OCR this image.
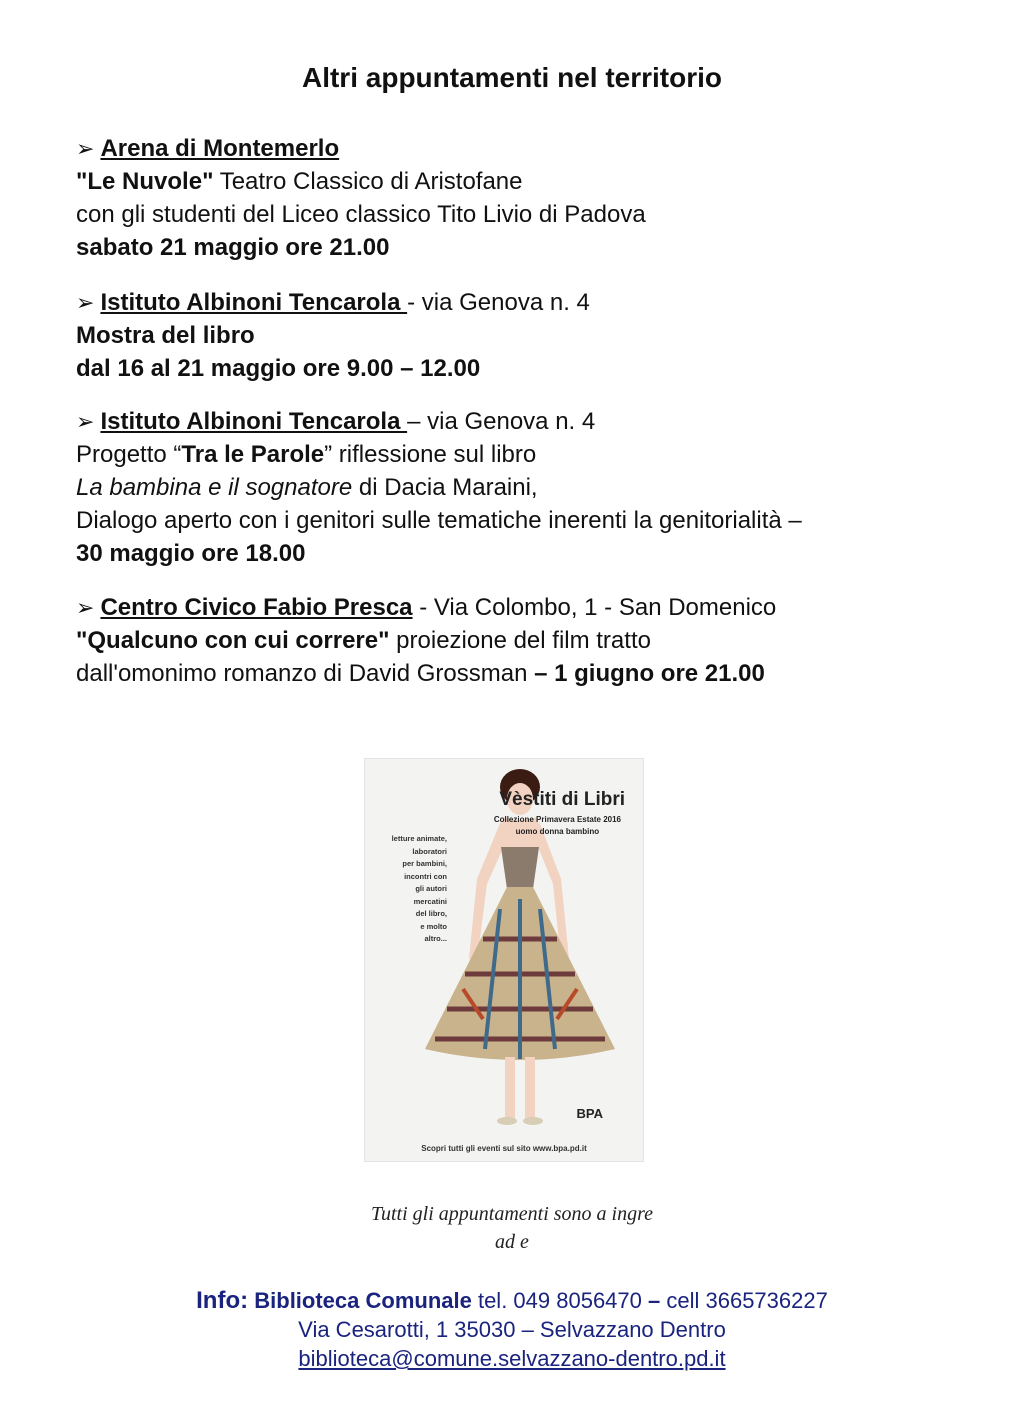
Altri appuntamenti nel territorio
➢ Arena di Montemerlo
"Le Nuvole" Teatro Classico di Aristofane
con gli studenti del Liceo classico Tito Livio di Padova
sabato 21 maggio ore 21.00
➢ Istituto Albinoni Tencarola - via Genova n. 4
Mostra del libro
dal 16 al 21 maggio ore 9.00 – 12.00
➢ Istituto Albinoni Tencarola – via Genova n. 4
Progetto “Tra le Parole” riflessione sul libro
La bambina e il sognatore di Dacia Maraini,
Dialogo aperto con i genitori sulle tematiche inerenti la genitorialità –
30 maggio ore 18.00
➢ Centro Civico Fabio Presca - Via Colombo, 1 - San Domenico
"Qualcuno con cui correre" proiezione del film tratto
dall'omonimo romanzo di David Grossman – 1 giugno ore 21.00
Vèstiti di Libri
Collezione Primavera Estate 2016
uomo donna bambino
letture animate,
laboratori
per bambini,
incontri con
gli autori
mercatini
del libro,
e molto
altro...
BPA
Scopri tutti gli eventi sul sito www.bpa.pd.it
Tutti gli appuntamenti sono a ingre
ad e
Info: Biblioteca Comunale tel. 049 8056470 – cell 3665736227
Via Cesarotti, 1 35030 – Selvazzano Dentro
biblioteca@comune.selvazzano-dentro.pd.it
